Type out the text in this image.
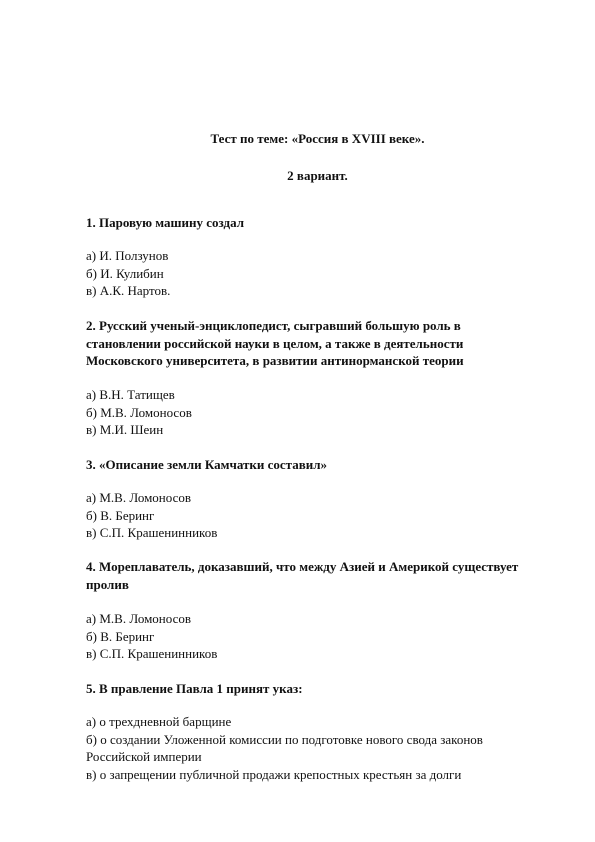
Тест по теме: «Россия в XVIII веке».
2 вариант.
1. Паровую машину создал
а) И. Ползунов
б) И. Кулибин
в) А.К. Нартов.
2. Русский ученый-энциклопедист, сыгравший большую роль в становлении российской науки в целом, а также в деятельности Московского университета, в развитии антинорманской теории
а) В.Н. Татищев
б) М.В. Ломоносов
в) М.И. Шеин
3. «Описание земли Камчатки составил»
а) М.В. Ломоносов
б) В. Беринг
в) С.П. Крашенинников
4. Мореплаватель, доказавший, что между Азией и Америкой существует пролив
а) М.В. Ломоносов
б) В. Беринг
в) С.П. Крашенинников
5. В правление Павла 1 принят указ:
а) о трехдневной барщине
б) о создании Уложенной комиссии по подготовке нового свода законов Российской империи
в) о запрещении публичной продажи крепостных крестьян за долги
